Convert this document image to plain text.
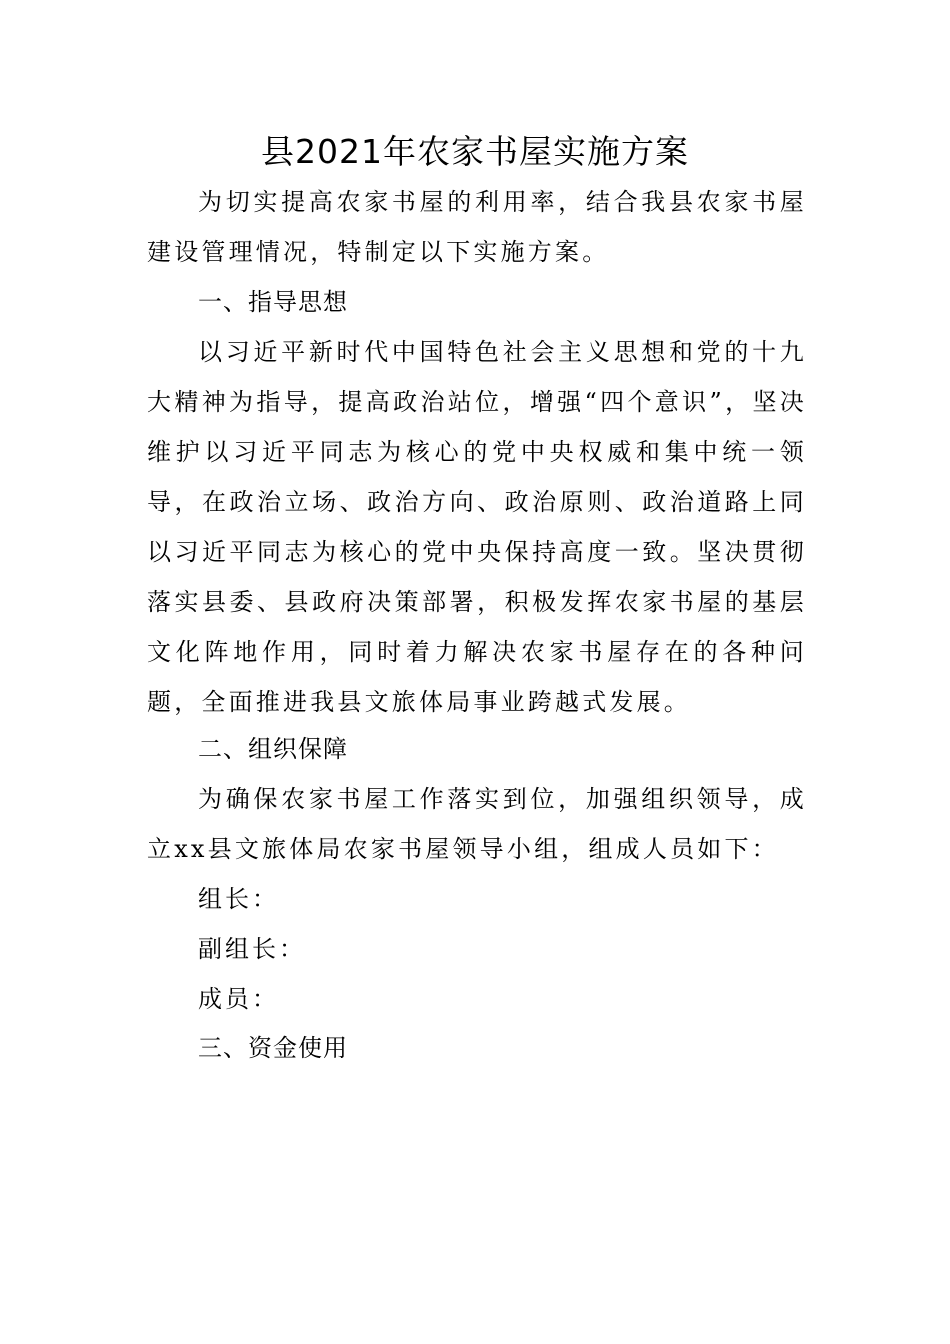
县2021年农家书屋实施方案

为切实提高农家书屋的利用率，结合我县农家书屋建设管理情况，特制定以下实施方案。

一、指导思想

以习近平新时代中国特色社会主义思想和党的十九大精神为指导，提高政治站位，增强“四个意识”，坚决维护以习近平同志为核心的党中央权威和集中统一领导，在政治立场、政治方向、政治原则、政治道路上同以习近平同志为核心的党中央保持高度一致。坚决贯彻落实县委、县政府决策部署，积极发挥农家书屋的基层文化阵地作用，同时着力解决农家书屋存在的各种问题，全面推进我县文旅体局事业跨越式发展。

二、组织保障

为确保农家书屋工作落实到位，加强组织领导，成立xx县文旅体局农家书屋领导小组，组成人员如下：

组长：

副组长：

成员：

三、资金使用
